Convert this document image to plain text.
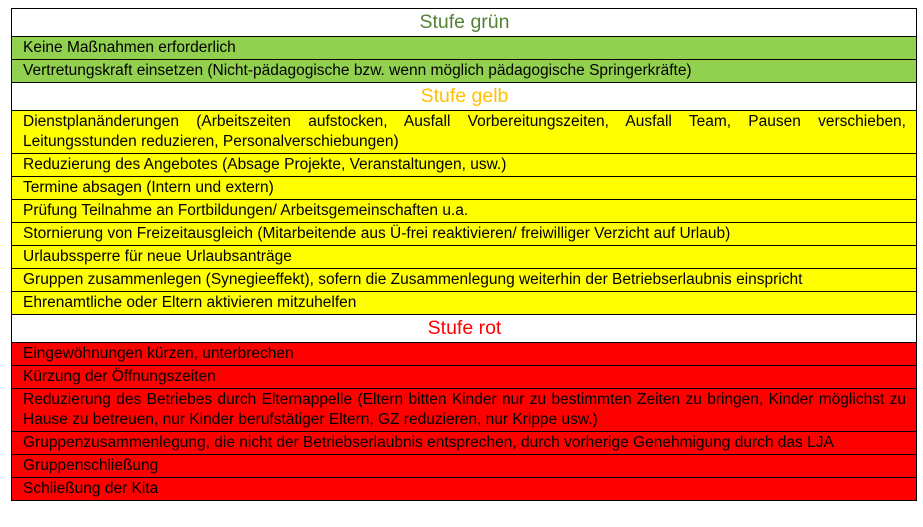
Stufe grün
Keine Maßnahmen erforderlich
Vertretungskraft einsetzen (Nicht-pädagogische bzw. wenn möglich pädagogische Springerkräfte)
Stufe gelb
Dienstplanänderungen (Arbeitszeiten aufstocken, Ausfall Vorbereitungszeiten, Ausfall Team, Pausen verschieben, Leitungsstunden reduzieren, Personalverschiebungen)
Reduzierung des Angebotes (Absage Projekte, Veranstaltungen, usw.)
Termine absagen (Intern und extern)
Prüfung Teilnahme an Fortbildungen/ Arbeitsgemeinschaften u.a.
Stornierung von Freizeitausgleich (Mitarbeitende aus Ü-frei reaktivieren/ freiwilliger Verzicht auf Urlaub)
Urlaubssperre für neue Urlaubsanträge
Gruppen zusammenlegen (Synegieeffekt), sofern die Zusammenlegung weiterhin der Betriebserlaubnis einspricht
Ehrenamtliche oder Eltern aktivieren mitzuhelfen
Stufe rot
Eingewöhnungen kürzen, unterbrechen
Kürzung der Öffnungszeiten
Reduzierung des Betriebes durch Elternappelle (Eltern bitten Kinder nur zu bestimmten Zeiten zu bringen, Kinder möglichst zu Hause zu betreuen, nur Kinder berufstätiger Eltern, GZ reduzieren, nur Krippe usw.)
Gruppenzusammenlegung, die nicht der Betriebserlaubnis entsprechen, durch vorherige Genehmigung durch das LJA
Gruppenschließung
Schließung der Kita
